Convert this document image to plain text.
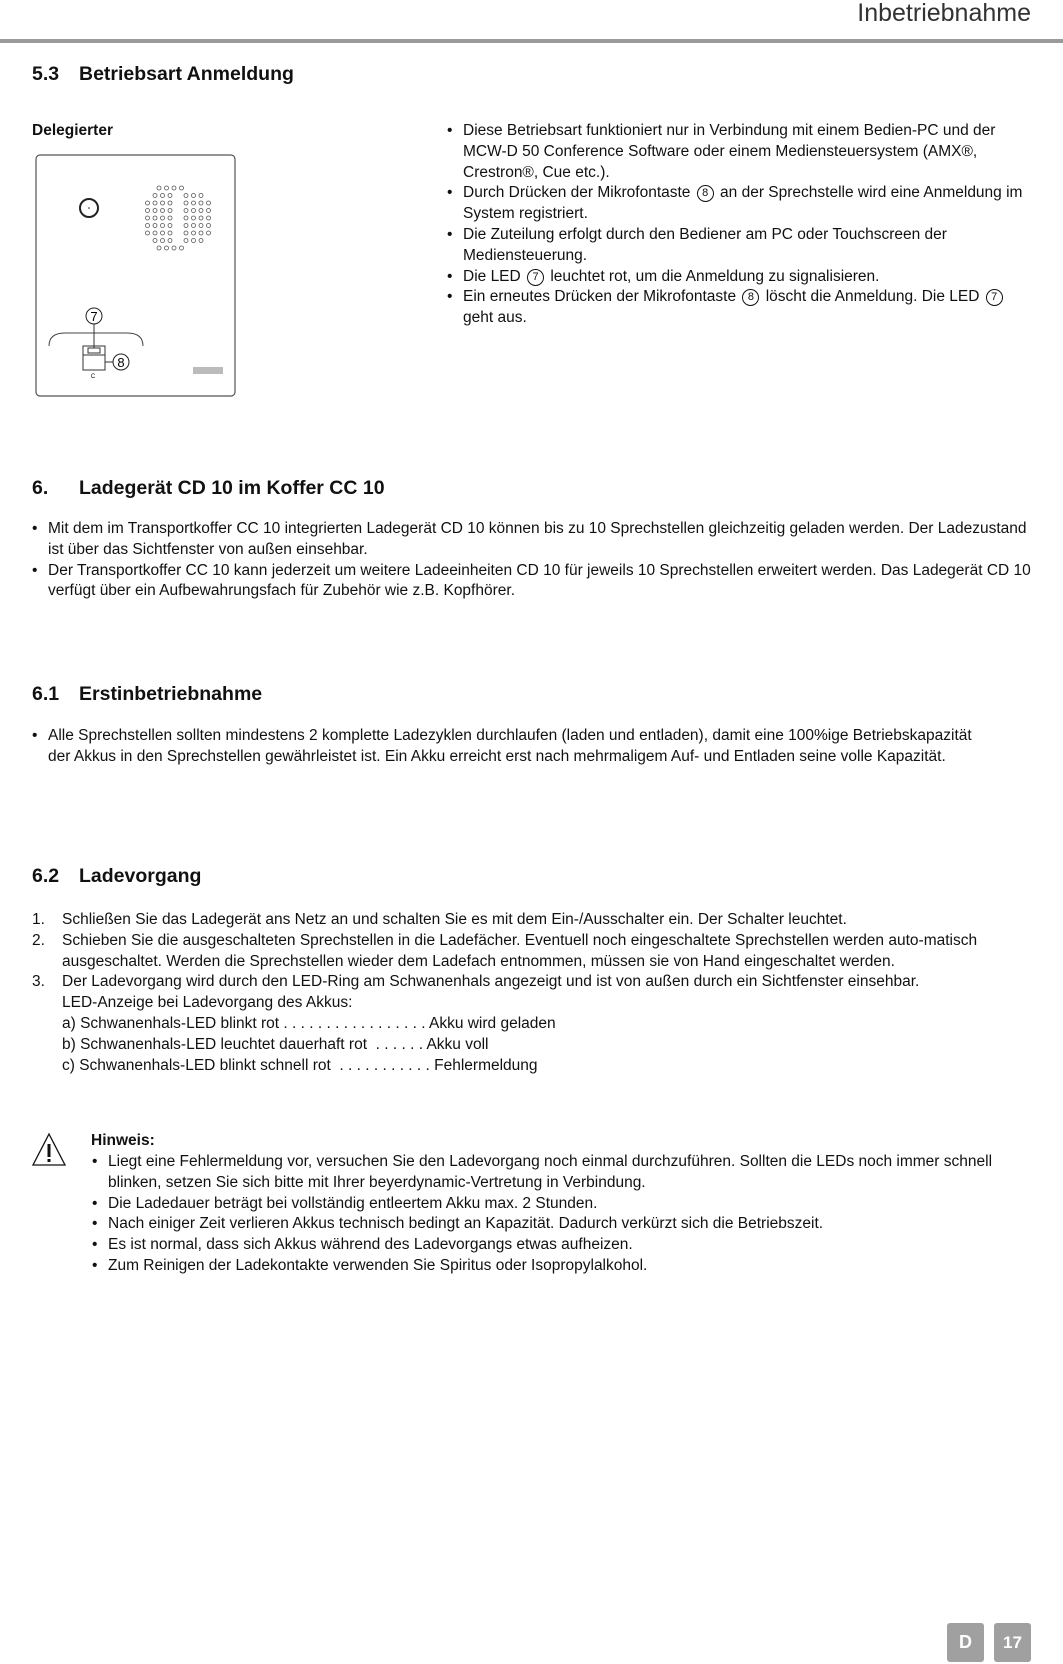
Inbetriebnahme
5.3 Betriebsart Anmeldung
Delegierter
7
8
C
• Diese Betriebsart funktioniert nur in Verbindung mit einem Bedien-PC und der MCW-D 50 Conference Software oder einem Mediensteuersystem (AMX®, Crestron®, Cue etc.).
• Durch Drücken der Mikrofontaste 8 an der Sprechstelle wird eine Anmeldung im System registriert.
• Die Zuteilung erfolgt durch den Bediener am PC oder Touchscreen der Mediensteuerung.
• Die LED 7 leuchtet rot, um die Anmeldung zu signalisieren.
• Ein erneutes Drücken der Mikrofontaste 8 löscht die Anmeldung. Die LED 7 geht aus.
6. Ladegerät CD 10 im Koffer CC 10
• Mit dem im Transportkoffer CC 10 integrierten Ladegerät CD 10 können bis zu 10 Sprechstellen gleichzeitig geladen werden. Der Ladezustand ist über das Sichtfenster von außen einsehbar.
• Der Transportkoffer CC 10 kann jederzeit um weitere Ladeeinheiten CD 10 für jeweils 10 Sprechstellen erweitert werden. Das Ladegerät CD 10 verfügt über ein Aufbewahrungsfach für Zubehör wie z.B. Kopfhörer.
6.1 Erstinbetriebnahme
• Alle Sprechstellen sollten mindestens 2 komplette Ladezyklen durchlaufen (laden und entladen), damit eine 100%ige Betriebskapazität der Akkus in den Sprechstellen gewährleistet ist. Ein Akku erreicht erst nach mehrmaligem Auf- und Entladen seine volle Kapazität.
6.2 Ladevorgang
1. Schließen Sie das Ladegerät ans Netz an und schalten Sie es mit dem Ein-/Ausschalter ein. Der Schalter leuchtet.
2. Schieben Sie die ausgeschalteten Sprechstellen in die Ladefächer. Eventuell noch eingeschaltete Sprechstellen werden auto-matisch ausgeschaltet. Werden die Sprechstellen wieder dem Ladefach entnommen, müssen sie von Hand eingeschaltet werden.
3. Der Ladevorgang wird durch den LED-Ring am Schwanenhals angezeigt und ist von außen durch ein Sichtfenster einsehbar.
LED-Anzeige bei Ladevorgang des Akkus:
a) Schwanenhals-LED blinkt rot . . . . . . . . . . . . . . . . . Akku wird geladen
b) Schwanenhals-LED leuchtet dauerhaft rot  . . . . . . Akku voll
c) Schwanenhals-LED blinkt schnell rot  . . . . . . . . . . . Fehlermeldung
Hinweis:
• Liegt eine Fehlermeldung vor, versuchen Sie den Ladevorgang noch einmal durchzuführen. Sollten die LEDs noch immer schnell blinken, setzen Sie sich bitte mit Ihrer beyerdynamic-Vertretung in Verbindung.
• Die Ladedauer beträgt bei vollständig entleertem Akku max. 2 Stunden.
• Nach einiger Zeit verlieren Akkus technisch bedingt an Kapazität. Dadurch verkürzt sich die Betriebszeit.
• Es ist normal, dass sich Akkus während des Ladevorgangs etwas aufheizen.
• Zum Reinigen der Ladekontakte verwenden Sie Spiritus oder Isopropylalkohol.
D	17
